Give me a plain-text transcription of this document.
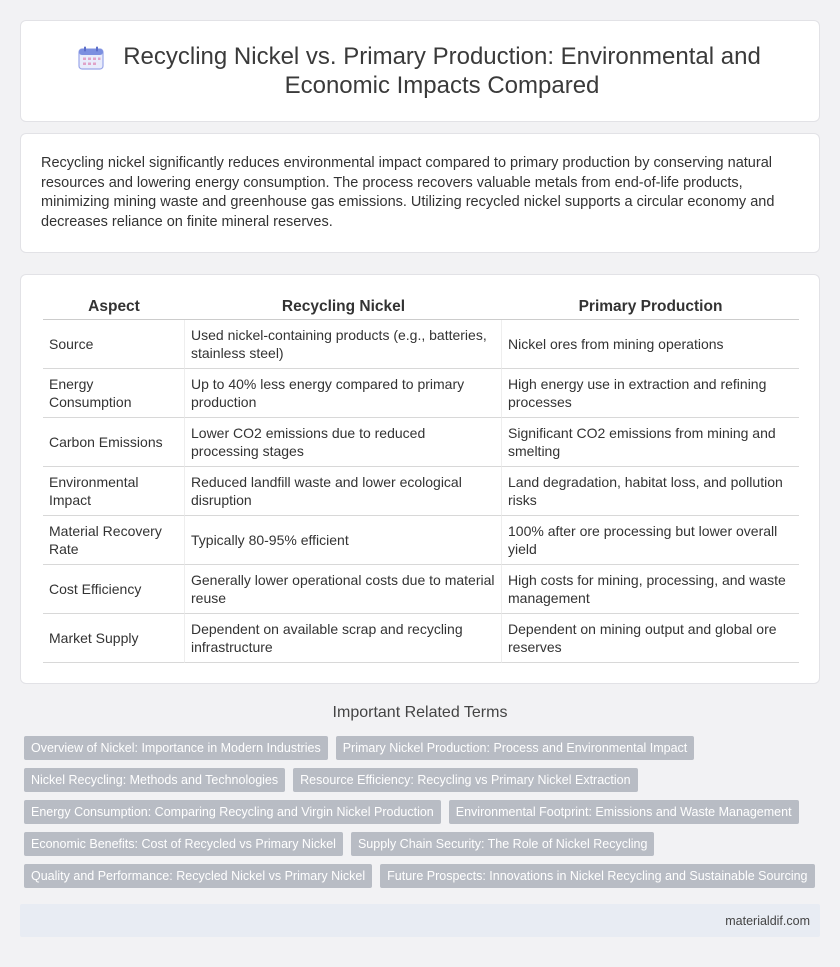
Recycling Nickel vs. Primary Production: Environmental and Economic Impacts Compared

Recycling nickel significantly reduces environmental impact compared to primary production by conserving natural resources and lowering energy consumption. The process recovers valuable metals from end-of-life products, minimizing mining waste and greenhouse gas emissions. Utilizing recycled nickel supports a circular economy and decreases reliance on finite mineral reserves.

Aspect	Recycling Nickel	Primary Production
Source	Used nickel-containing products (e.g., batteries, stainless steel)	Nickel ores from mining operations
Energy Consumption	Up to 40% less energy compared to primary production	High energy use in extraction and refining processes
Carbon Emissions	Lower CO2 emissions due to reduced processing stages	Significant CO2 emissions from mining and smelting
Environmental Impact	Reduced landfill waste and lower ecological disruption	Land degradation, habitat loss, and pollution risks
Material Recovery Rate	Typically 80-95% efficient	100% after ore processing but lower overall yield
Cost Efficiency	Generally lower operational costs due to material reuse	High costs for mining, processing, and waste management
Market Supply	Dependent on available scrap and recycling infrastructure	Dependent on mining output and global ore reserves
Important Related Terms
Overview of Nickel: Importance in Modern Industries	Primary Nickel Production: Process and Environmental Impact
Nickel Recycling: Methods and Technologies	Resource Efficiency: Recycling vs Primary Nickel Extraction
Energy Consumption: Comparing Recycling and Virgin Nickel Production	Environmental Footprint: Emissions and Waste Management
Economic Benefits: Cost of Recycled vs Primary Nickel	Supply Chain Security: The Role of Nickel Recycling
Quality and Performance: Recycled Nickel vs Primary Nickel	Future Prospects: Innovations in Nickel Recycling and Sustainable Sourcing
materialdif.com
